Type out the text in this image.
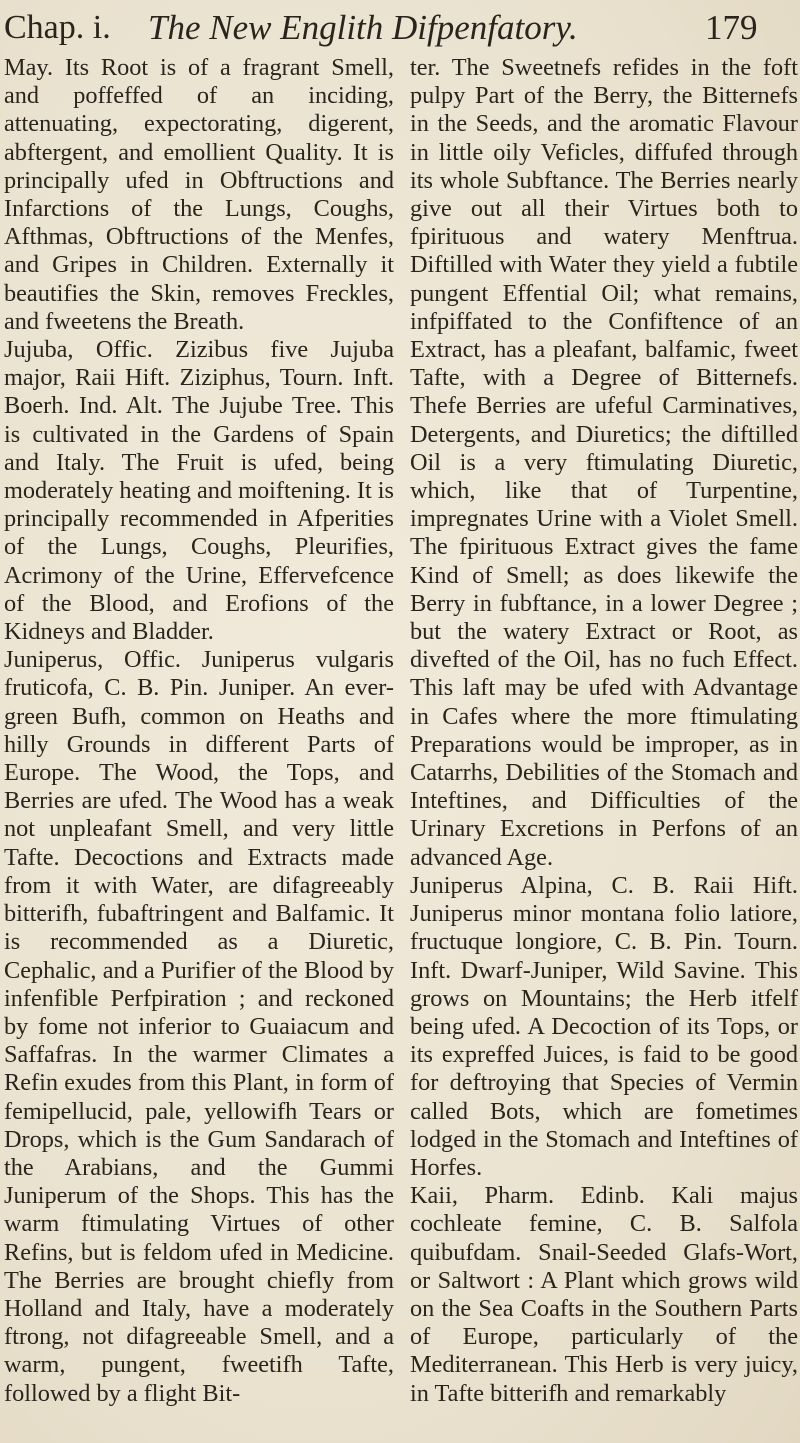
Chap. i. The New Englith Difpenfatory.	179

May. Its Root is of a fragrant Smell, and poffeffed of an inciding, attenuating, expectorating, digerent, abftergent, and emollient Quality. It is principally ufed in Obftructions and Infarctions of the Lungs, Coughs, Afthmas, Obftructions of the Menfes, and Gripes in Children. Externally it beautifies the Skin, removes Freckles, and fweetens the Breath.

Jujuba, Offic. Zizibus five Jujuba major, Raii Hift. Ziziphus, Tourn. Inft. Boerh. Ind. Alt. The Jujube Tree. This is cultivated in the Gardens of Spain and Italy. The Fruit is ufed, being moderately heating and moiftening. It is principally recommended in Afperities of the Lungs, Coughs, Pleurifies, Acrimony of the Urine, Effervefcence of the Blood, and Erofions of the Kidneys and Bladder.

Juniperus, Offic. Juniperus vulgaris fruticofa, C. B. Pin. Juniper. An ever-green Bufh, common on Heaths and hilly Grounds in different Parts of Europe. The Wood, the Tops, and Berries are ufed. The Wood has a weak not unpleafant Smell, and very little Tafte. Decoctions and Extracts made from it with Water, are difagreeably bitterifh, fubaftringent and Balfamic. It is recommended as a Diuretic, Cephalic, and a Purifier of the Blood by infenfible Perfpiration ; and reckoned by fome not inferior to Guaiacum and Saffafras. In the warmer Climates a Refin exudes from this Plant, in form of femipellucid, pale, yellowifh Tears or Drops, which is the Gum Sandarach of the Arabians, and the Gummi Juniperum of the Shops. This has the warm ftimulating Virtues of other Refins, but is feldom ufed in Medicine. The Berries are brought chiefly from Holland and Italy, have a moderately ftrong, not difagreeable Smell, and a warm, pungent, fweetifh Tafte, followed by a flight Bit-

ter. The Sweetnefs refides in the foft pulpy Part of the Berry, the Bitternefs in the Seeds, and the aromatic Flavour in little oily Veficles, diffufed through its whole Subftance. The Berries nearly give out all their Virtues both to fpirituous and watery Menftrua. Diftilled with Water they yield a fubtile pungent Effential Oil; what remains, infpiffated to the Confiftence of an Extract, has a pleafant, balfamic, fweet Tafte, with a Degree of Bitternefs. Thefe Berries are ufeful Carminatives, Detergents, and Diuretics; the diftilled Oil is a very ftimulating Diuretic, which, like that of Turpentine, impregnates Urine with a Violet Smell. The fpirituous Extract gives the fame Kind of Smell; as does likewife the Berry in fubftance, in a lower Degree ; but the watery Extract or Root, as divefted of the Oil, has no fuch Effect. This laft may be ufed with Advantage in Cafes where the more ftimulating Preparations would be improper, as in Catarrhs, Debilities of the Stomach and Inteftines, and Difficulties of the Urinary Excretions in Perfons of an advanced Age.

Juniperus Alpina, C. B. Raii Hift. Juniperus minor montana folio latiore, fructuque longiore, C. B. Pin. Tourn. Inft. Dwarf-Juniper, Wild Savine. This grows on Mountains; the Herb itfelf being ufed. A Decoction of its Tops, or its expreffed Juices, is faid to be good for deftroying that Species of Vermin called Bots, which are fometimes lodged in the Stomach and Inteftines of Horfes.

Kaii, Pharm. Edinb. Kali majus cochleate femine, C. B. Salfola quibufdam. Snail-Seeded Glafs-Wort, or Saltwort : A Plant which grows wild on the Sea Coafts in the Southern Parts of Europe, particularly of the Mediterranean. This Herb is very juicy, in Tafte bitterifh and remarkably
